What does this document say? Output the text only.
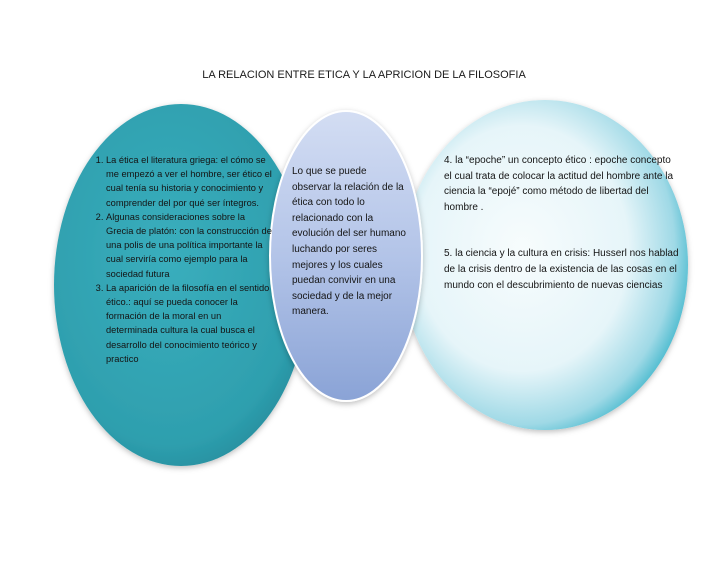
LA RELACION ENTRE ETICA Y LA APRICION DE LA FILOSOFIA
1. La ética el literatura griega: el cómo se me empezó a ver el hombre, ser ético el cual tenía su historia y conocimiento y comprender del por qué ser íntegros.
2. Algunas consideraciones sobre la Grecia de platón: con la construcción de una polis de una política importante la cual serviría como ejemplo para la sociedad futura
3. La aparición de la filosofía en el sentido ético.: aquí se pueda conocer la formación de la moral en un determinada cultura la cual busca el desarrollo del conocimiento teórico y practico
Lo que se puede observar la relación de la ética con todo lo relacionado con la evolución del ser humano luchando por seres mejores y los cuales puedan convivir en una sociedad y de la mejor manera.

4. la “epoche” un concepto ético : epoche concepto el cual trata de colocar la actitud del hombre ante la ciencia la “epojé” como método de libertad del hombre .

5. la ciencia y la cultura en crisis: Husserl nos hablad de la crisis dentro de la existencia de las cosas en el mundo con el descubrimiento de nuevas ciencias
